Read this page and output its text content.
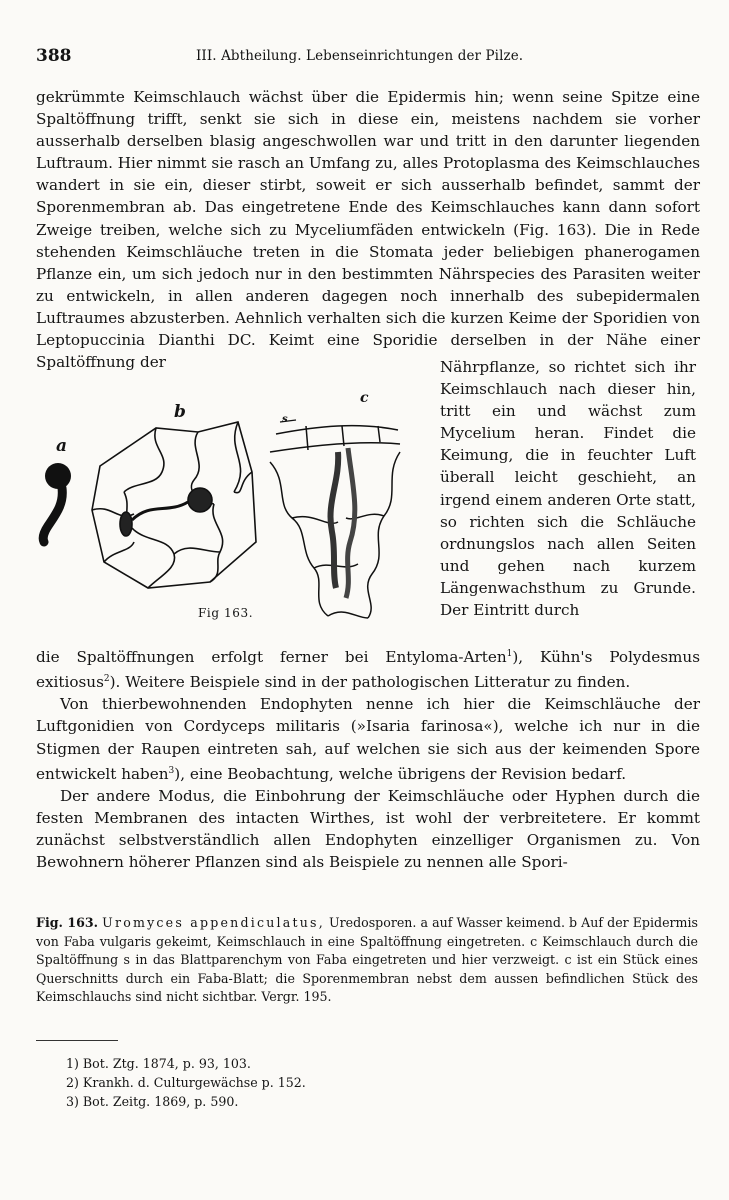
388	III. Abtheilung. Lebenseinrichtungen der Pilze.

gekrümmte Keimschlauch wächst über die Epidermis hin; wenn seine Spitze eine Spaltöffnung trifft, senkt sie sich in diese ein, meistens nachdem sie vorher ausserhalb derselben blasig angeschwollen war und tritt in den darunter liegenden Luftraum. Hier nimmt sie rasch an Umfang zu, alles Protoplasma des Keimschlauches wandert in sie ein, dieser stirbt, soweit er sich ausserhalb befindet, sammt der Sporenmembran ab. Das eingetretene Ende des Keimschlauches kann dann sofort Zweige treiben, welche sich zu Myceliumfäden entwickeln (Fig. 163). Die in Rede stehenden Keimschläuche treten in die Stomata jeder beliebigen phanerogamen Pflanze ein, um sich jedoch nur in den bestimmten Nährspecies des Parasiten weiter zu entwickeln, in allen anderen dagegen noch innerhalb des subepidermalen Luftraumes abzusterben. Aehnlich verhalten sich die kurzen Keime der Sporidien von Leptopuccinia Dianthi DC. Keimt eine Sporidie derselben in der Nähe einer Spaltöffnung der

a
b
c
s
Fig 163.

Nährpflanze, so richtet sich ihr Keimschlauch nach dieser hin, tritt ein und wächst zum Mycelium heran. Findet die Keimung, die in feuchter Luft überall leicht geschieht, an irgend einem anderen Orte statt, so richten sich die Schläuche ordnungslos nach allen Seiten und gehen nach kurzem Längenwachsthum zu Grunde. Der Eintritt durch

die Spaltöffnungen erfolgt ferner bei Entyloma-Arten$^1$), Kühn's Polydesmus exitiosus$^2$). Weitere Beispiele sind in der pathologischen Litteratur zu finden.

Von thierbewohnenden Endophyten nenne ich hier die Keimschläuche der Luftgonidien von Cordyceps militaris (»Isaria farinosa«), welche ich nur in die Stigmen der Raupen eintreten sah, auf welchen sie sich aus der keimenden Spore entwickelt haben$^3$), eine Beobachtung, welche übrigens der Revision bedarf.

Der andere Modus, die Einbohrung der Keimschläuche oder Hyphen durch die festen Membranen des intacten Wirthes, ist wohl der verbreitetere. Er kommt zunächst selbstverständlich allen Endophyten einzelliger Organismen zu. Von Bewohnern höherer Pflanzen sind als Beispiele zu nennen alle Spori-

Fig. 163. Uromyces appendiculatus, Uredosporen. a auf Wasser keimend. b Auf der Epidermis von Faba vulgaris gekeimt, Keimschlauch in eine Spaltöffnung eingetreten. c Keimschlauch durch die Spaltöffnung s in das Blattparenchym von Faba eingetreten und hier verzweigt. c ist ein Stück eines Querschnitts durch ein Faba-Blatt; die Sporenmembran nebst dem aussen befindlichen Stück des Keimschlauchs sind nicht sichtbar. Vergr. 195.

1) Bot. Ztg. 1874, p. 93, 103.

2) Krankh. d. Culturgewächse p. 152.

3) Bot. Zeitg. 1869, p. 590.
